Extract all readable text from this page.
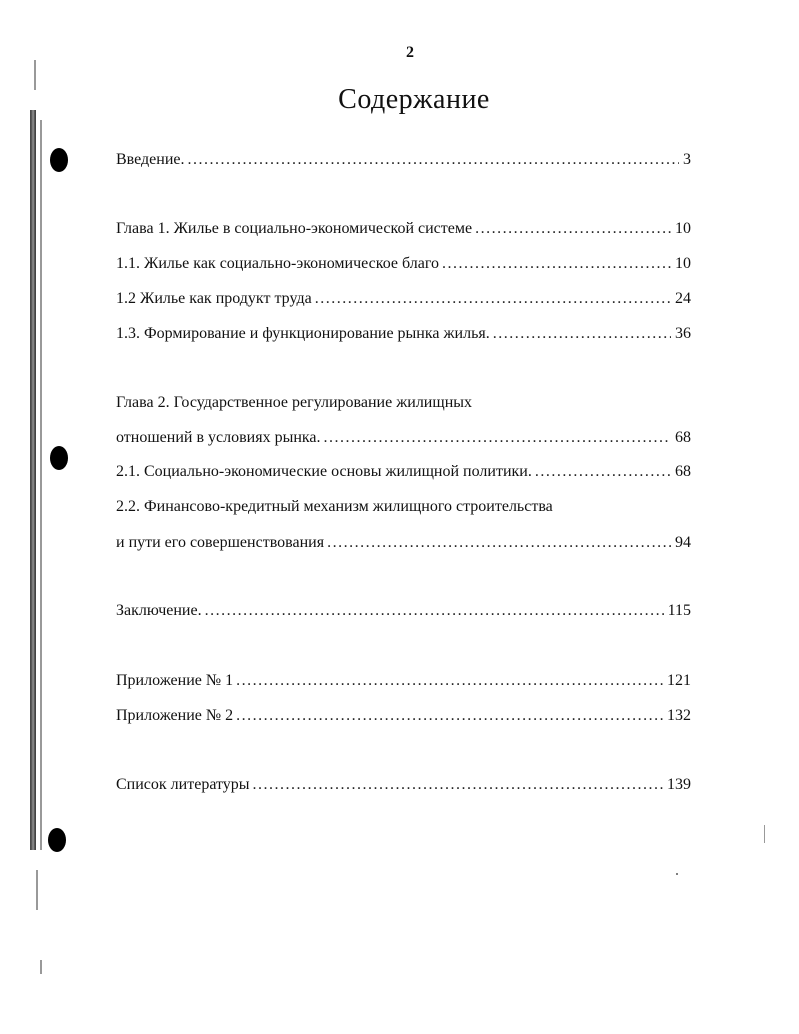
2
Содержание
Введение. .....	3
Глава 1. Жилье в социально-экономической системе .....	10
1.1. Жилье как социально-экономическое благо .....	10
1.2 Жилье как продукт труда .....	24
1.3. Формирование и функционирование рынка жилья. .....	36
Глава 2. Государственное регулирование жилищных
отношений в условиях рынка. .....	68
2.1. Социально-экономические основы жилищной политики. .....	68
2.2. Финансово-кредитный механизм жилищного строительства
и пути его совершенствования .....	94
Заключение. .....	115
Приложение № 1 .....	121
Приложение № 2 .....	132
Список литературы .....	139
